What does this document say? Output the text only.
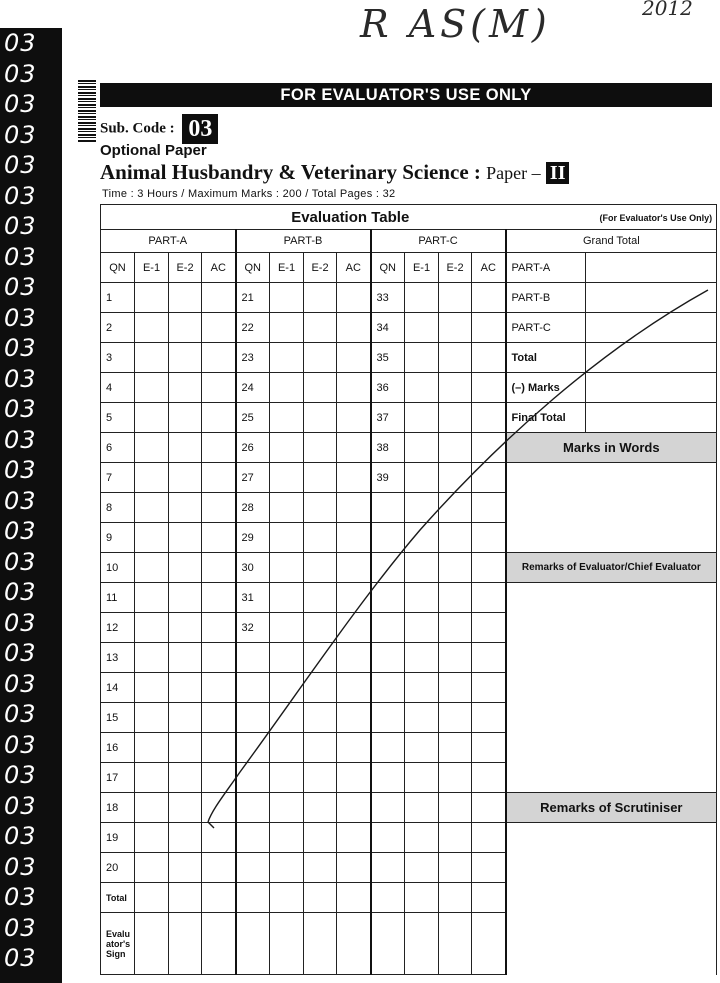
03
03
03
03
03
03
03
03
03
03
03
03
03
03
03
03
03
03
03
03
03
03
03
03
03
03
03
03
03
03
03
R AS(M)	2012
FOR EVALUATOR'S USE ONLY
Sub. Code : 03
Optional Paper
Animal Husbandry & Veterinary Science : Paper – II
Time : 3 Hours / Maximum Marks : 200 / Total Pages : 32
Evaluation Table (For Evaluator's Use Only)													

PART-A				PART-B				PART-C				Grand Total	
QN	E-1	E-2	AC	QN	E-1	E-2	AC	QN	E-1	E-2	AC	PART-A	
1				21				33				PART-B	
2				22				34				PART-C	
3				23				35				Total	
4				24				36				(–) Marks	
5				25				37				Final Total	
6				26				38				Marks in Words	
7				27				39					
8				28									
9				29									
10				30								Remarks of Evaluator/Chief Evaluator	
11				31									
12				32									
13													
14													
15													
16													
17													
18												Remarks of Scrutiniser	
19													
20													
Total													

Evalu
ator's
Sign													
